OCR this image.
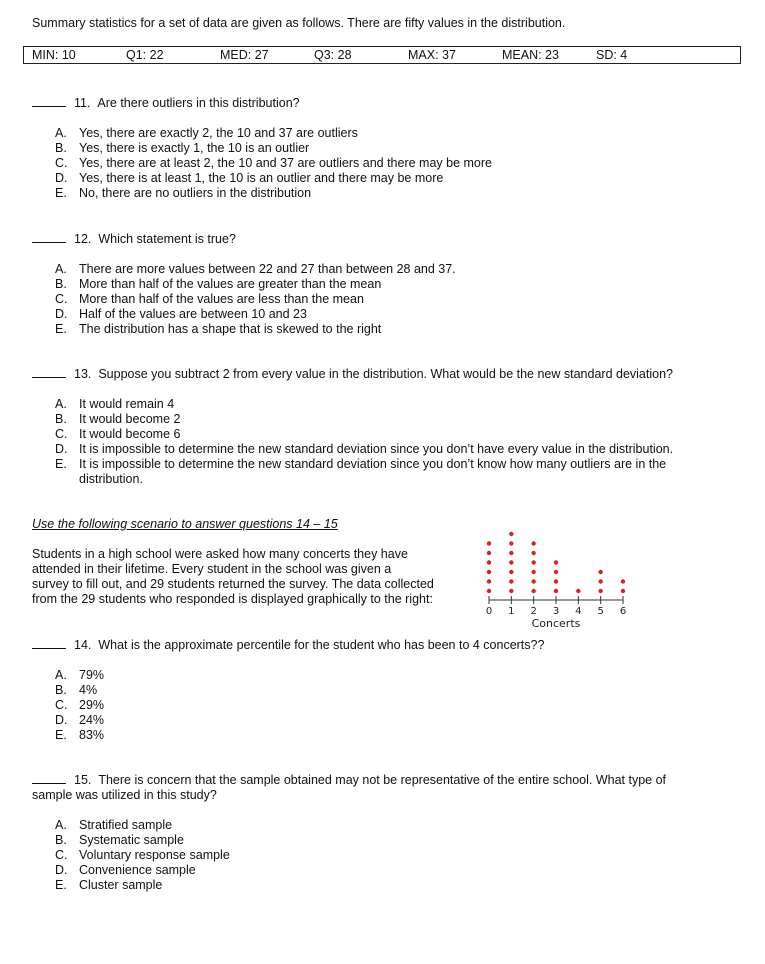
Summary statistics for a set of data are given as follows. There are fifty values in the distribution.
MIN: 10	Q1: 22	MED: 27	Q3: 28	MAX: 37	MEAN: 23	SD: 4
11. Are there outliers in this distribution?
A. Yes, there are exactly 2, the 10 and 37 are outliers
B. Yes, there is exactly 1, the 10 is an outlier
C. Yes, there are at least 2, the 10 and 37 are outliers and there may be more
D. Yes, there is at least 1, the 10 is an outlier and there may be more
E. No, there are no outliers in the distribution
12. Which statement is true?
A. There are more values between 22 and 27 than between 28 and 37.
B. More than half of the values are greater than the mean
C. More than half of the values are less than the mean
D. Half of the values are between 10 and 23
E. The distribution has a shape that is skewed to the right
13. Suppose you subtract 2 from every value in the distribution. What would be the new standard deviation?
A. It would remain 4
B. It would become 2
C. It would become 6
D. It is impossible to determine the new standard deviation since you don’t have every value in the distribution.
E. It is impossible to determine the new standard deviation since you don’t know how many outliers are in the
distribution.
Use the following scenario to answer questions 14 – 15
Students in a high school were asked how many concerts they have
attended in their lifetime. Every student in the school was given a
survey to fill out, and 29 students returned the survey. The data collected
from the 29 students who responded is displayed graphically to the right:
0 1 2 3 4 5 6
Concerts
14. What is the approximate percentile for the student who has been to 4 concerts??
A. 79%
B. 4%
C. 29%
D. 24%
E. 83%
15. There is concern that the sample obtained may not be representative of the entire school. What type of
sample was utilized in this study?
A. Stratified sample
B. Systematic sample
C. Voluntary response sample
D. Convenience sample
E. Cluster sample
